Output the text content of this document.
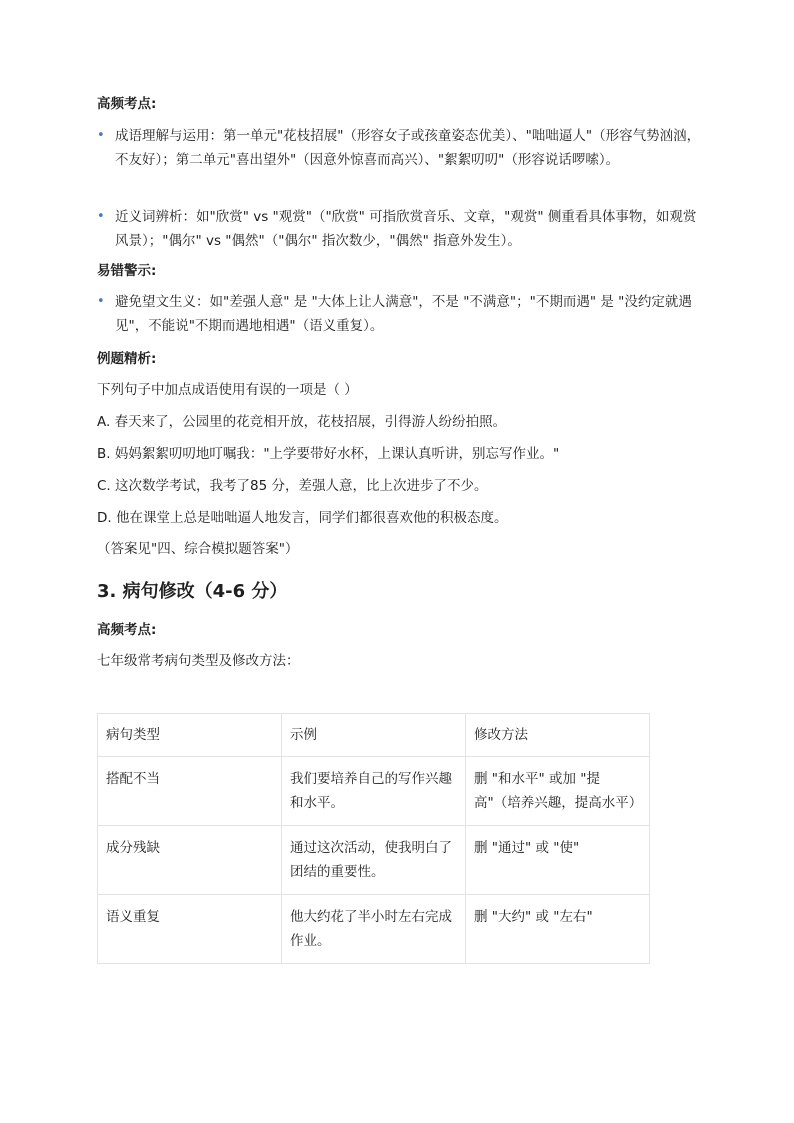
高频考点:
• 成语理解与运用：第一单元"花枝招展"（形容女子或孩童姿态优美）、"咄咄逼人"（形容气势汹汹，不友好）；第二单元"喜出望外"（因意外惊喜而高兴）、"絮絮叨叨"（形容说话啰嗦）。
• 近义词辨析：如"欣赏" vs "观赏"（"欣赏" 可指欣赏音乐、文章，"观赏" 侧重看具体事物，如观赏风景）；"偶尔" vs "偶然"（"偶尔" 指次数少，"偶然" 指意外发生）。
易错警示:
• 避免望文生义：如"差强人意" 是 "大体上让人满意"，不是 "不满意"；"不期而遇" 是 "没约定就遇见"，不能说"不期而遇地相遇"（语义重复）。
例题精析:
下列句子中加点成语使用有误的一项是（ ）
A. 春天来了，公园里的花竞相开放，花枝招展，引得游人纷纷拍照。
B. 妈妈絮絮叨叨地叮嘱我："上学要带好水杯，上课认真听讲，别忘写作业。"
C. 这次数学考试，我考了85 分，差强人意，比上次进步了不少。
D. 他在课堂上总是咄咄逼人地发言，同学们都很喜欢他的积极态度。
（答案见"四、综合模拟题答案"）
3. 病句修改（4-6 分）
高频考点:
七年级常考病句类型及修改方法：
病句类型	示例	修改方法
搭配不当	我们要培养自己的写作兴趣和水平。	删 "和水平" 或加 "提高"（培养兴趣，提高水平）
成分残缺	通过这次活动，使我明白了团结的重要性。	删 "通过" 或 "使"
语义重复	他大约花了半小时左右完成作业。	删 "大约" 或 "左右"
